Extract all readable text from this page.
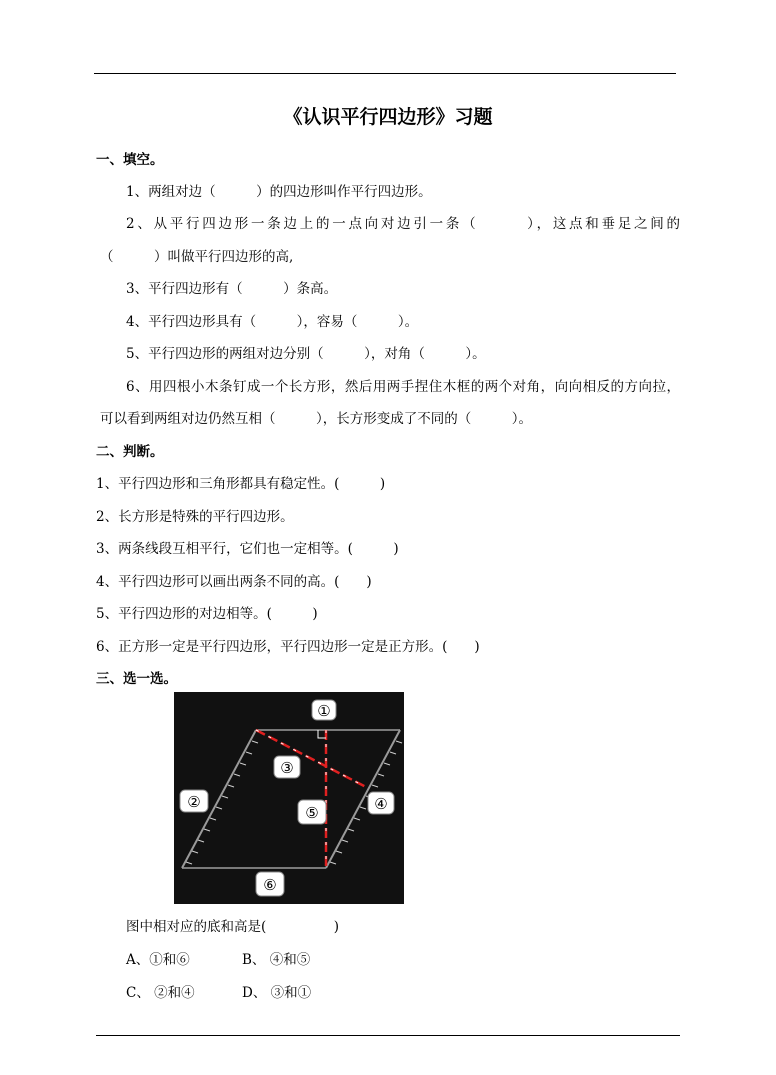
《认识平行四边形》习题
一、填空。
1、两组对边（　　　）的四边形叫作平行四边形。
2、从平行四边形一条边上的一点向对边引一条（　　　），这点和垂足之间的
（　　　）叫做平行四边形的高,
3、平行四边形有（　　　）条高。
4、平行四边形具有（　　　），容易（　　　）。
5、平行四边形的两组对边分别（　　　），对角（　　　）。
6、用四根小木条钉成一个长方形，然后用两手捏住木框的两个对角，向向相反的方向拉，
可以看到两组对边仍然互相（　　　），长方形变成了不同的（　　　）。
二、判断。
1、平行四边形和三角形都具有稳定性。(　　　)
2、长方形是特殊的平行四边形。
3、两条线段互相平行，它们也一定相等。(　　　)
4、平行四边形可以画出两条不同的高。(　　)
5、平行四边形的对边相等。(　　　)
6、正方形一定是平行四边形，平行四边形一定是正方形。(　　)
三、选一选。
①
②
③
④
⑤
⑥
图中相对应的底和高是(　　　　　)
A、①和⑥	B、 ④和⑤
C、 ②和④	D、 ③和①
